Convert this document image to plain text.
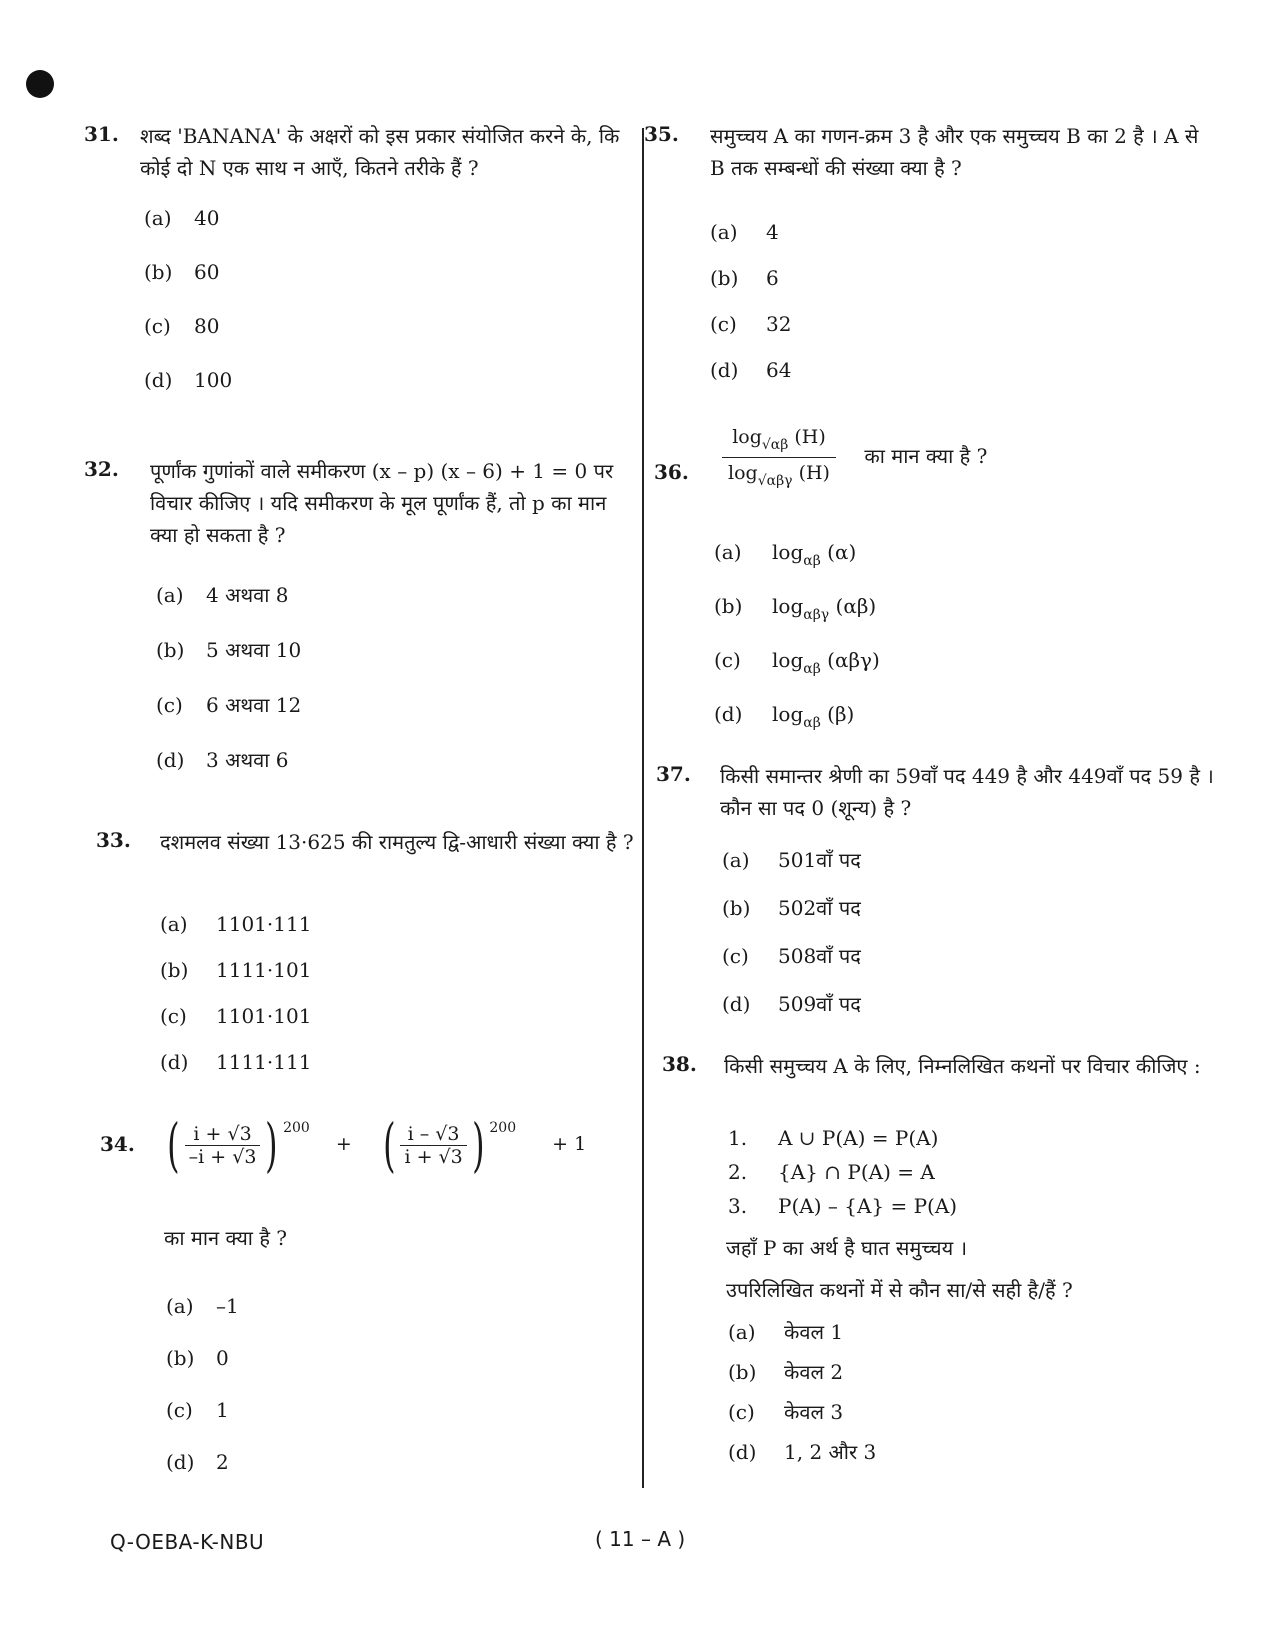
31. शब्द 'BANANA' के अक्षरों को इस प्रकार संयोजित करने के, कि कोई दो N एक साथ न आएँ, कितने तरीके हैं ?
(a) 40
(b) 60
(c) 80
(d) 100
32. पूर्णांक गुणांकों वाले समीकरण (x – p) (x – 6) + 1 = 0 पर विचार कीजिए । यदि समीकरण के मूल पूर्णांक हैं, तो p का मान क्या हो सकता है ?
(a) 4 अथवा 8
(b) 5 अथवा 10
(c) 6 अथवा 12
(d) 3 अथवा 6
33. दशमलव संख्या 13·625 की रामतुल्य द्वि-आधारी संख्या क्या है ?
(a) 1101·111
(b) 1111·101
(c) 1101·101
(d) 1111·111
34. ( $\frac{i + √3}{-i + √3}$ ) $^{200}$ + ( $\frac{i - √3}{i + √3}$ ) $^{200}$ + 1
का मान क्या है ?
(a) –1
(b) 0
(c) 1
(d) 2
35. समुच्चय A का गणन-क्रम 3 है और एक समुच्चय B का 2 है । A से B तक सम्बन्धों की संख्या क्या है ?
(a) 4
(b) 6
(c) 32
(d) 64
36. $\frac{\log_{√\alpha\beta} (H)}{\log_{√\alpha\beta\gamma} (H)}$ का मान क्या है ?
(a) $\log_{\alpha\beta} (\alpha)$
(b) $\log_{\alpha\beta\gamma} (\alpha\beta)$
(c) $\log_{\alpha\beta} (\alpha\beta\gamma)$
(d) $\log_{\alpha\beta} (\beta)$
37. किसी समान्तर श्रेणी का 59वाँ पद 449 है और 449वाँ पद 59 है । कौन सा पद 0 (शून्य) है ?
(a) 501वाँ पद
(b) 502वाँ पद
(c) 508वाँ पद
(d) 509वाँ पद
38. किसी समुच्चय A के लिए, निम्नलिखित कथनों पर विचार कीजिए :
1. A ∪ P(A) = P(A)
2. {A} ∩ P(A) = A
3. P(A) – {A} = P(A)
जहाँ P का अर्थ है घात समुच्चय ।
उपरिलिखित कथनों में से कौन सा/से सही है/हैं ?
(a) केवल 1
(b) केवल 2
(c) केवल 3
(d) 1, 2 और 3
Q-OEBA-K-NBU	( 11 – A )
